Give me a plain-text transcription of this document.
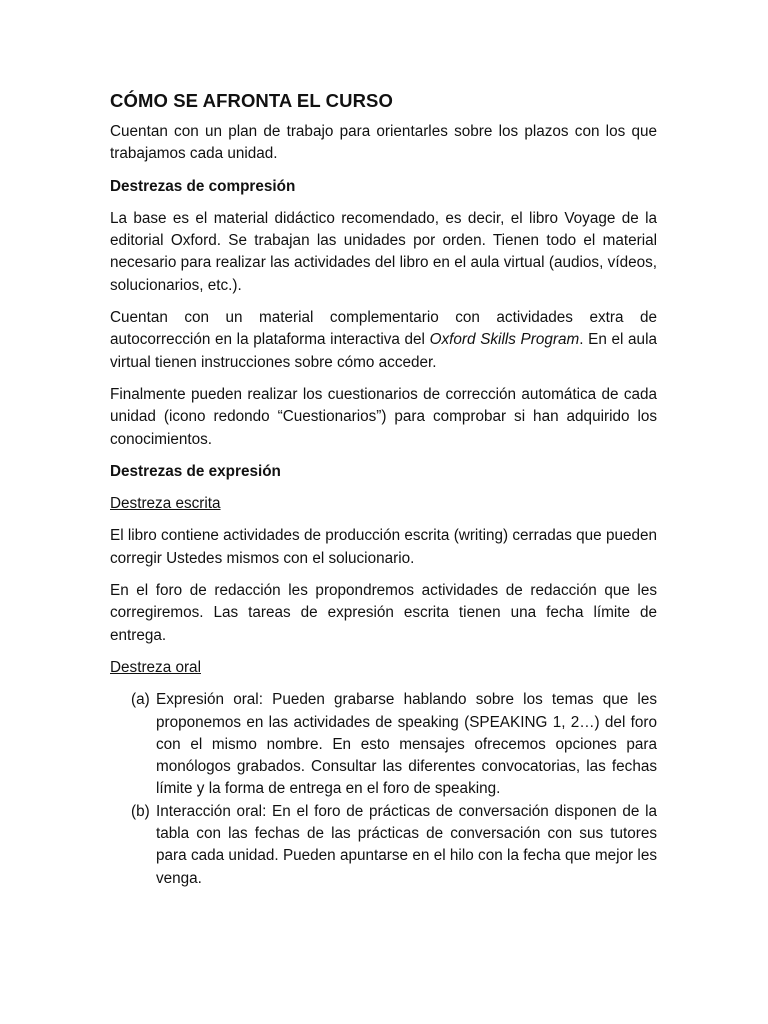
CÓMO SE AFRONTA EL CURSO

Cuentan con un plan de trabajo para orientarles sobre los plazos con los que trabajamos cada unidad.

Destrezas de compresión

La base es el material didáctico recomendado, es decir, el libro Voyage de la editorial Oxford. Se trabajan las unidades por orden. Tienen todo el material necesario para realizar las actividades del libro en el aula virtual (audios, vídeos, solucionarios, etc.).

Cuentan con un material complementario con actividades extra de autocorrección en la plataforma interactiva del Oxford Skills Program. En el aula virtual tienen instrucciones sobre cómo acceder.

Finalmente pueden realizar los cuestionarios de corrección automática de cada unidad (icono redondo “Cuestionarios”) para comprobar si han adquirido los conocimientos.

Destrezas de expresión
Destreza escrita

El libro contiene actividades de producción escrita (writing) cerradas que pueden corregir Ustedes mismos con el solucionario.

En el foro de redacción les propondremos actividades de redacción que les corregiremos. Las tareas de expresión escrita tienen una fecha límite de entrega.

Destreza oral
(a) Expresión oral: Pueden grabarse hablando sobre los temas que les proponemos en las actividades de speaking (SPEAKING 1, 2…) del foro con el mismo nombre. En esto mensajes ofrecemos opciones para monólogos grabados. Consultar las diferentes convocatorias, las fechas límite y la forma de entrega en el foro de speaking.
(b) Interacción oral: En el foro de prácticas de conversación disponen de la tabla con las fechas de las prácticas de conversación con sus tutores para cada unidad. Pueden apuntarse en el hilo con la fecha que mejor les venga.
